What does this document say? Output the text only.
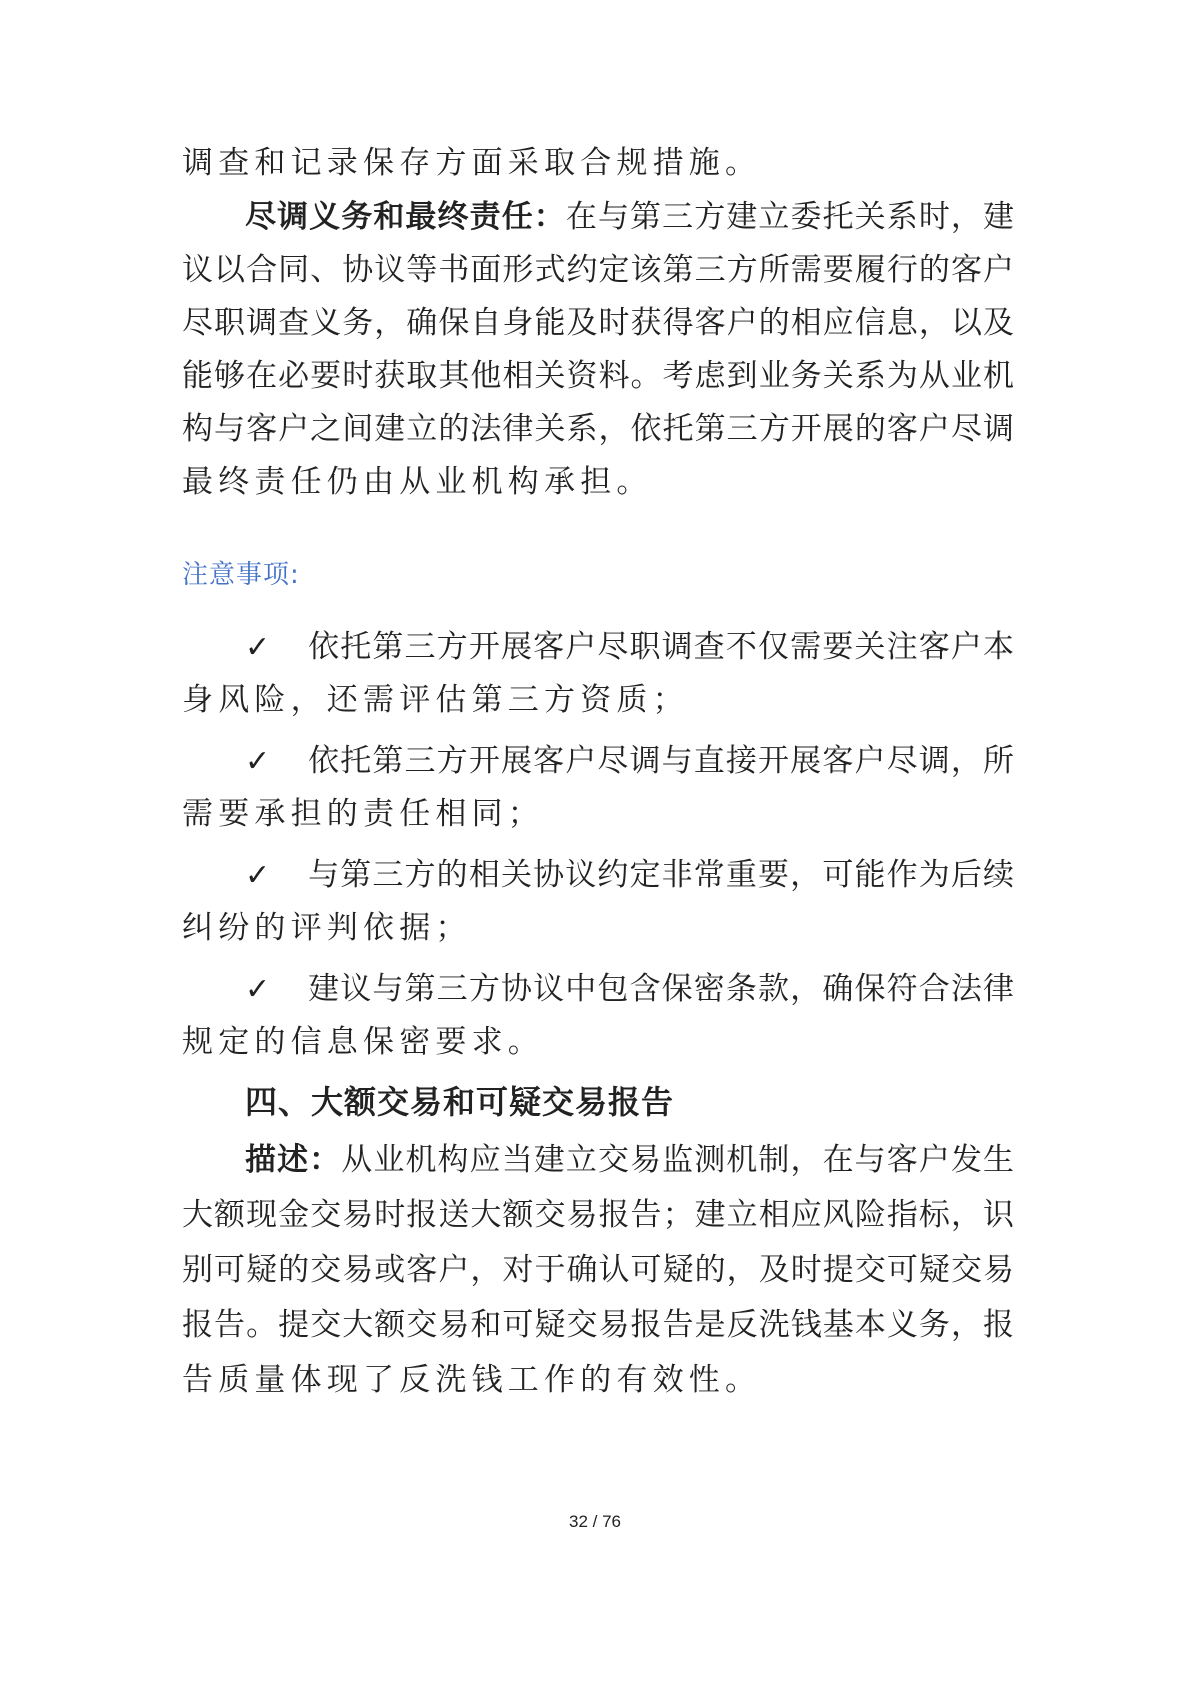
调查和记录保存方面采取合规措施。
尽调义务和最终责任：在与第三方建立委托关系时，建
议以合同、协议等书面形式约定该第三方所需要履行的客户
尽职调查义务，确保自身能及时获得客户的相应信息，以及
能够在必要时获取其他相关资料。考虑到业务关系为从业机
构与客户之间建立的法律关系，依托第三方开展的客户尽调
最终责任仍由从业机构承担。
注意事项:
✓ 依托第三方开展客户尽职调查不仅需要关注客户本
身风险，还需评估第三方资质；
✓ 依托第三方开展客户尽调与直接开展客户尽调，所
需要承担的责任相同；
✓ 与第三方的相关协议约定非常重要，可能作为后续
纠纷的评判依据；
✓ 建议与第三方协议中包含保密条款，确保符合法律
规定的信息保密要求。
四、大额交易和可疑交易报告
描述：从业机构应当建立交易监测机制，在与客户发生
大额现金交易时报送大额交易报告；建立相应风险指标，识
别可疑的交易或客户，对于确认可疑的，及时提交可疑交易
报告。提交大额交易和可疑交易报告是反洗钱基本义务，报
告质量体现了反洗钱工作的有效性。
32 / 76
